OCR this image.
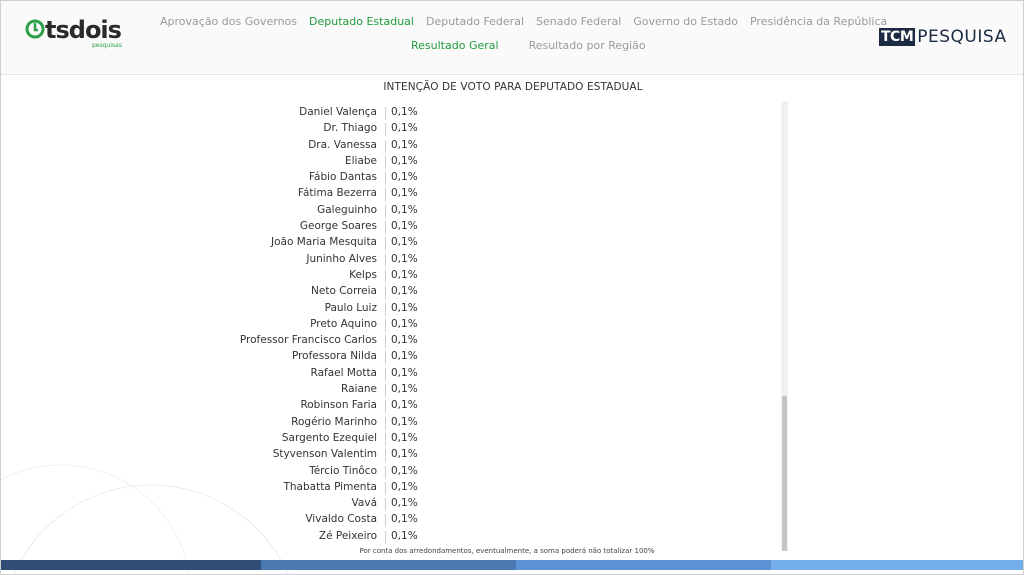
tsdois
pesquisas
Aprovação dos Governos Deputado Estadual Deputado Federal Senado Federal Governo do Estado Presidência da República
Resultado Geral	Resultado por Região
TCM PESQUISA
INTENÇÃO DE VOTO PARA DEPUTADO ESTADUAL
Daniel Valença 0,1%
Dr. Thiago 0,1%
Dra. Vanessa 0,1%
Eliabe 0,1%
Fábio Dantas 0,1%
Fátima Bezerra 0,1%
Galeguinho 0,1%
George Soares 0,1%
João Maria Mesquita 0,1%
Juninho Alves 0,1%
Kelps 0,1%
Neto Correia 0,1%
Paulo Luiz 0,1%
Preto Aquino 0,1%
Professor Francisco Carlos 0,1%
Professora Nilda 0,1%
Rafael Motta 0,1%
Raiane 0,1%
Robinson Faria 0,1%
Rogério Marinho 0,1%
Sargento Ezequiel 0,1%
Styvenson Valentim 0,1%
Tércio Tinôco 0,1%
Thabatta Pimenta 0,1%
Vavá 0,1%
Vivaldo Costa 0,1%
Zé Peixeiro 0,1%
Por conta dos arredondamentos, eventualmente, a soma poderá não totalizar 100%
